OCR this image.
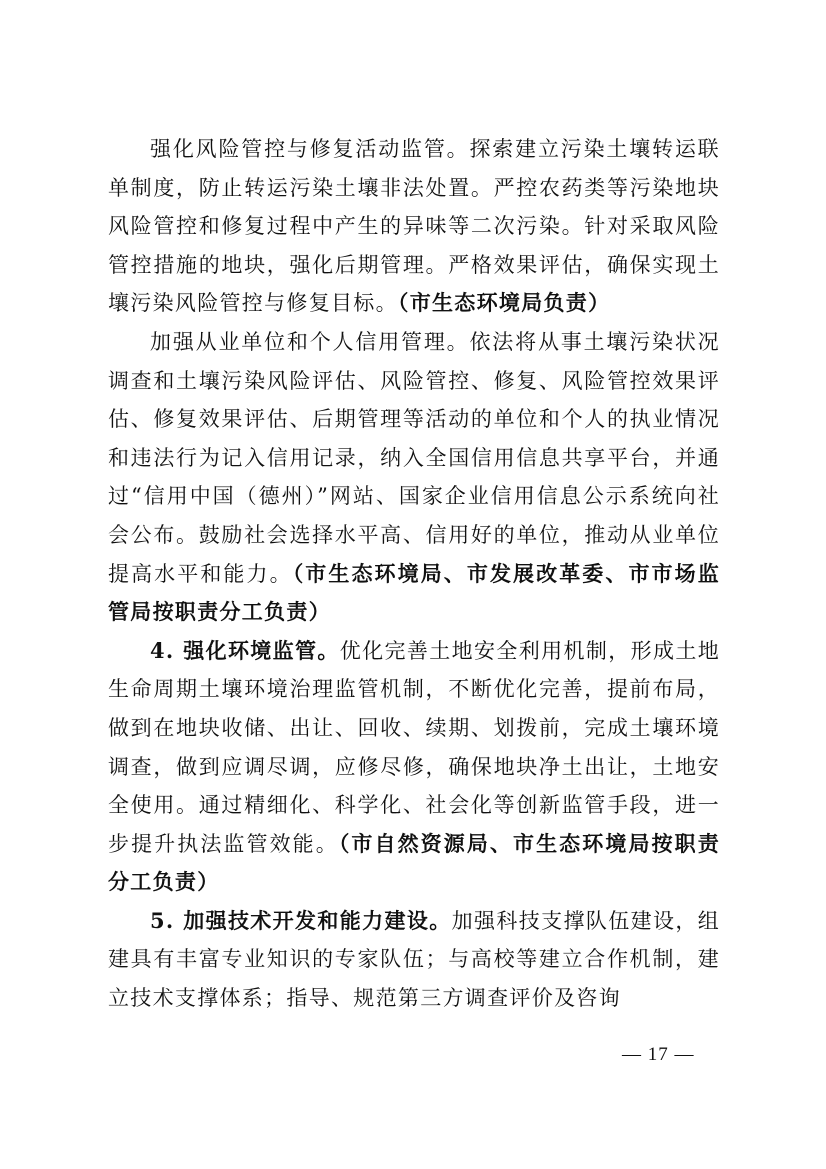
强化风险管控与修复活动监管。探索建立污染土壤转运联单制度，防止转运污染土壤非法处置。严控农药类等污染地块风险管控和修复过程中产生的异味等二次污染。针对采取风险管控措施的地块，强化后期管理。严格效果评估，确保实现土壤污染风险管控与修复目标。（市生态环境局负责）

加强从业单位和个人信用管理。依法将从事土壤污染状况调查和土壤污染风险评估、风险管控、修复、风险管控效果评估、修复效果评估、后期管理等活动的单位和个人的执业情况和违法行为记入信用记录，纳入全国信用信息共享平台，并通过“信用中国（德州）”网站、国家企业信用信息公示系统向社会公布。鼓励社会选择水平高、信用好的单位，推动从业单位提高水平和能力。（市生态环境局、市发展改革委、市市场监管局按职责分工负责）

4. 强化环境监管。优化完善土地安全利用机制，形成土地生命周期土壤环境治理监管机制，不断优化完善，提前布局，做到在地块收储、出让、回收、续期、划拨前，完成土壤环境调查，做到应调尽调，应修尽修，确保地块净土出让，土地安全使用。通过精细化、科学化、社会化等创新监管手段，进一步提升执法监管效能。（市自然资源局、市生态环境局按职责分工负责）

5. 加强技术开发和能力建设。加强科技支撑队伍建设，组建具有丰富专业知识的专家队伍；与高校等建立合作机制，建立技术支撑体系；指导、规范第三方调查评价及咨询

— 17 —
